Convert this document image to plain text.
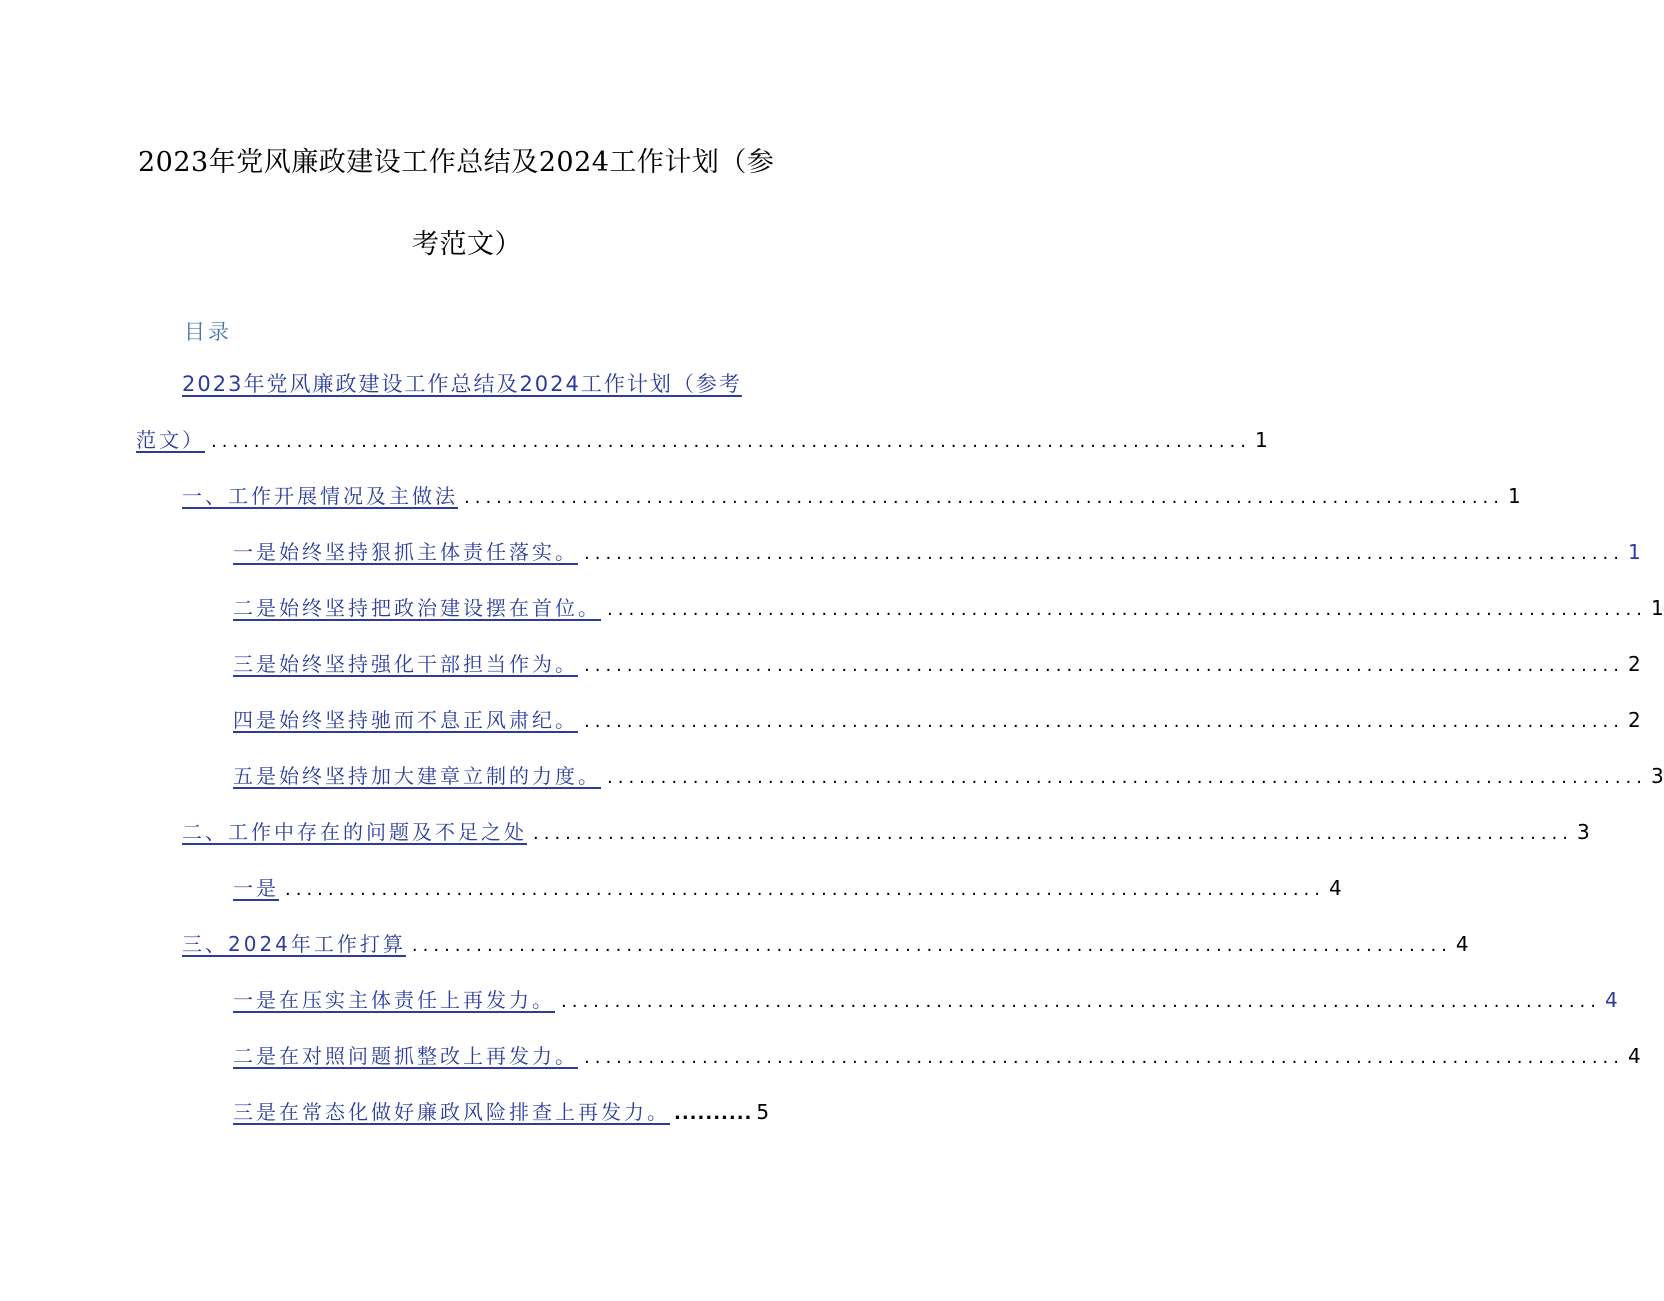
2023年党风廉政建设工作总结及2024工作计划（参
考范文）
目录
2023年党风廉政建设工作总结及2024工作计划（参考
范文） ................................................................................................. 1
一、工作开展情况及主做法 ................................................................................................. 1
一是始终坚持狠抓主体责任落实。 ................................................................................................. 1
二是始终坚持把政治建设摆在首位。 ................................................................................................. 1
三是始终坚持强化干部担当作为。 ................................................................................................. 2
四是始终坚持驰而不息正风肃纪。 ................................................................................................. 2
五是始终坚持加大建章立制的力度。 ................................................................................................. 3
二、工作中存在的问题及不足之处 ................................................................................................. 3
一是 ................................................................................................. 4
三、2024年工作打算 ................................................................................................. 4
一是在压实主体责任上再发力。 ................................................................................................. 4
二是在对照问题抓整改上再发力。 ................................................................................................. 4
三是在常态化做好廉政风险排查上再发力。 .......... 5
